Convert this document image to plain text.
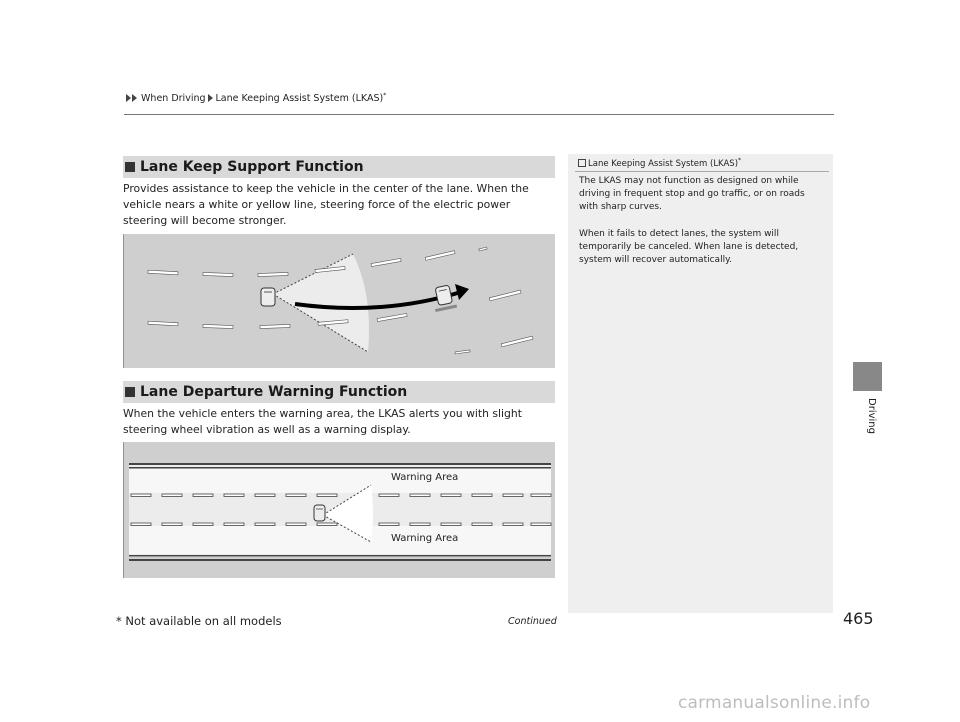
When Driving Lane Keeping Assist System (LKAS)*
Driving
Lane Keep Support Function
Provides assistance to keep the vehicle in the center of the lane. When the vehicle nears a white or yellow line, steering force of the electric power steering will become stronger.
Lane Departure Warning Function
When the vehicle enters the warning area, the LKAS alerts you with slight steering wheel vibration as well as a warning display.
Warning Area
Warning Area
Lane Keeping Assist System (LKAS)*
The LKAS may not function as designed on while driving in frequent stop and go traffic, or on roads with sharp curves.
When it fails to detect lanes, the system will temporarily be canceled. When lane is detected, system will recover automatically.
* Not available on all models	Continued	465
carmanualsonline.info
